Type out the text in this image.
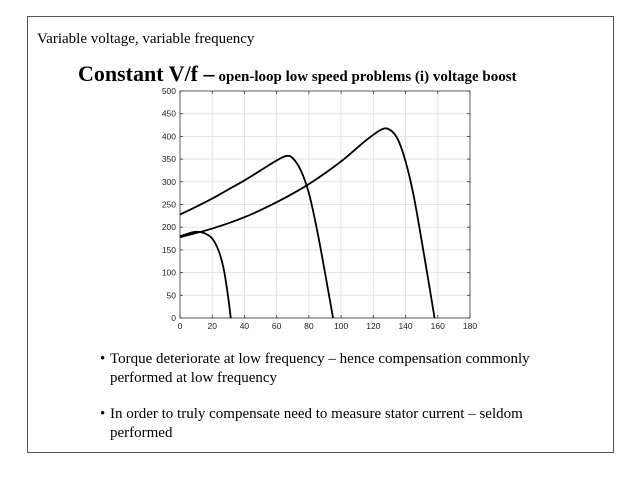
Variable voltage, variable frequency
Constant V/f – open-loop low speed problems (i) voltage boost
0	20	40	60	80 100 120 140 160 180
0
50
100
150
200
250
300
350
400
450
500
• Torque deteriorate at low frequency – hence compensation commonly performed at low frequency
• In order to truly compensate need to measure stator current – seldom performed
